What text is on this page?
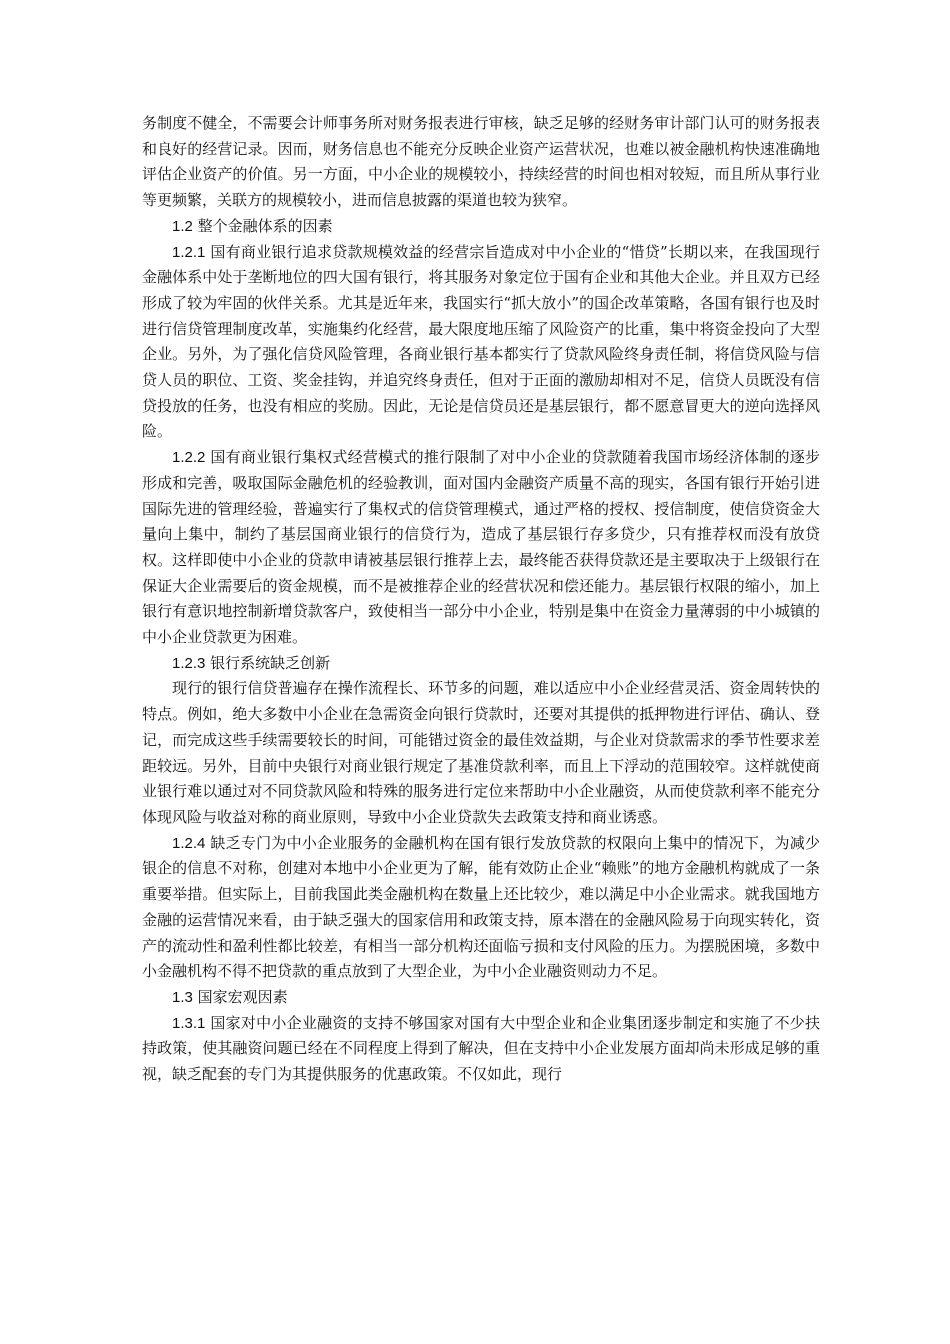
务制度不健全，不需要会计师事务所对财务报表进行审核，缺乏足够的经财务审计部门认可的财务报表和良好的经营记录。因而，财务信息也不能充分反映企业资产运营状况，也难以被金融机构快速准确地评估企业资产的价值。另一方面，中小企业的规模较小，持续经营的时间也相对较短，而且所从事行业等更频繁，关联方的规模较小，进而信息披露的渠道也较为狭窄。

1.2 整个金融体系的因素

1.2.1 国有商业银行追求贷款规模效益的经营宗旨造成对中小企业的“惜贷”长期以来，在我国现行金融体系中处于垄断地位的四大国有银行，将其服务对象定位于国有企业和其他大企业。并且双方已经形成了较为牢固的伙伴关系。尤其是近年来，我国实行“抓大放小”的国企改革策略，各国有银行也及时进行信贷管理制度改革，实施集约化经营，最大限度地压缩了风险资产的比重，集中将资金投向了大型企业。另外，为了强化信贷风险管理，各商业银行基本都实行了贷款风险终身责任制，将信贷风险与信贷人员的职位、工资、奖金挂钩，并追究终身责任，但对于正面的激励却相对不足，信贷人员既没有信贷投放的任务，也没有相应的奖励。因此，无论是信贷员还是基层银行，都不愿意冒更大的逆向选择风险。

1.2.2 国有商业银行集权式经营模式的推行限制了对中小企业的贷款随着我国市场经济体制的逐步形成和完善，吸取国际金融危机的经验教训，面对国内金融资产质量不高的现实，各国有银行开始引进国际先进的管理经验，普遍实行了集权式的信贷管理模式，通过严格的授权、授信制度，使信贷资金大量向上集中，制约了基层国商业银行的信贷行为，造成了基层银行存多贷少，只有推荐权而没有放贷权。这样即使中小企业的贷款申请被基层银行推荐上去，最终能否获得贷款还是主要取决于上级银行在保证大企业需要后的资金规模，而不是被推荐企业的经营状况和偿还能力。基层银行权限的缩小，加上银行有意识地控制新增贷款客户，致使相当一部分中小企业，特别是集中在资金力量薄弱的中小城镇的中小企业贷款更为困难。

1.2.3 银行系统缺乏创新

现行的银行信贷普遍存在操作流程长、环节多的问题，难以适应中小企业经营灵活、资金周转快的特点。例如，绝大多数中小企业在急需资金向银行贷款时，还要对其提供的抵押物进行评估、确认、登记，而完成这些手续需要较长的时间，可能错过资金的最佳效益期，与企业对贷款需求的季节性要求差距较远。另外，目前中央银行对商业银行规定了基准贷款利率，而且上下浮动的范围较窄。这样就使商业银行难以通过对不同贷款风险和特殊的服务进行定位来帮助中小企业融资，从而使贷款利率不能充分体现风险与收益对称的商业原则，导致中小企业贷款失去政策支持和商业诱惑。

1.2.4 缺乏专门为中小企业服务的金融机构在国有银行发放贷款的权限向上集中的情况下，为减少银企的信息不对称，创建对本地中小企业更为了解，能有效防止企业“赖账”的地方金融机构就成了一条重要举措。但实际上，目前我国此类金融机构在数量上还比较少，难以满足中小企业需求。就我国地方金融的运营情况来看，由于缺乏强大的国家信用和政策支持，原本潜在的金融风险易于向现实转化，资产的流动性和盈利性都比较差，有相当一部分机构还面临亏损和支付风险的压力。为摆脱困境，多数中小金融机构不得不把贷款的重点放到了大型企业，为中小企业融资则动力不足。

1.3 国家宏观因素

1.3.1 国家对中小企业融资的支持不够国家对国有大中型企业和企业集团逐步制定和实施了不少扶持政策，使其融资问题已经在不同程度上得到了解决，但在支持中小企业发展方面却尚未形成足够的重视，缺乏配套的专门为其提供服务的优惠政策。不仅如此，现行
